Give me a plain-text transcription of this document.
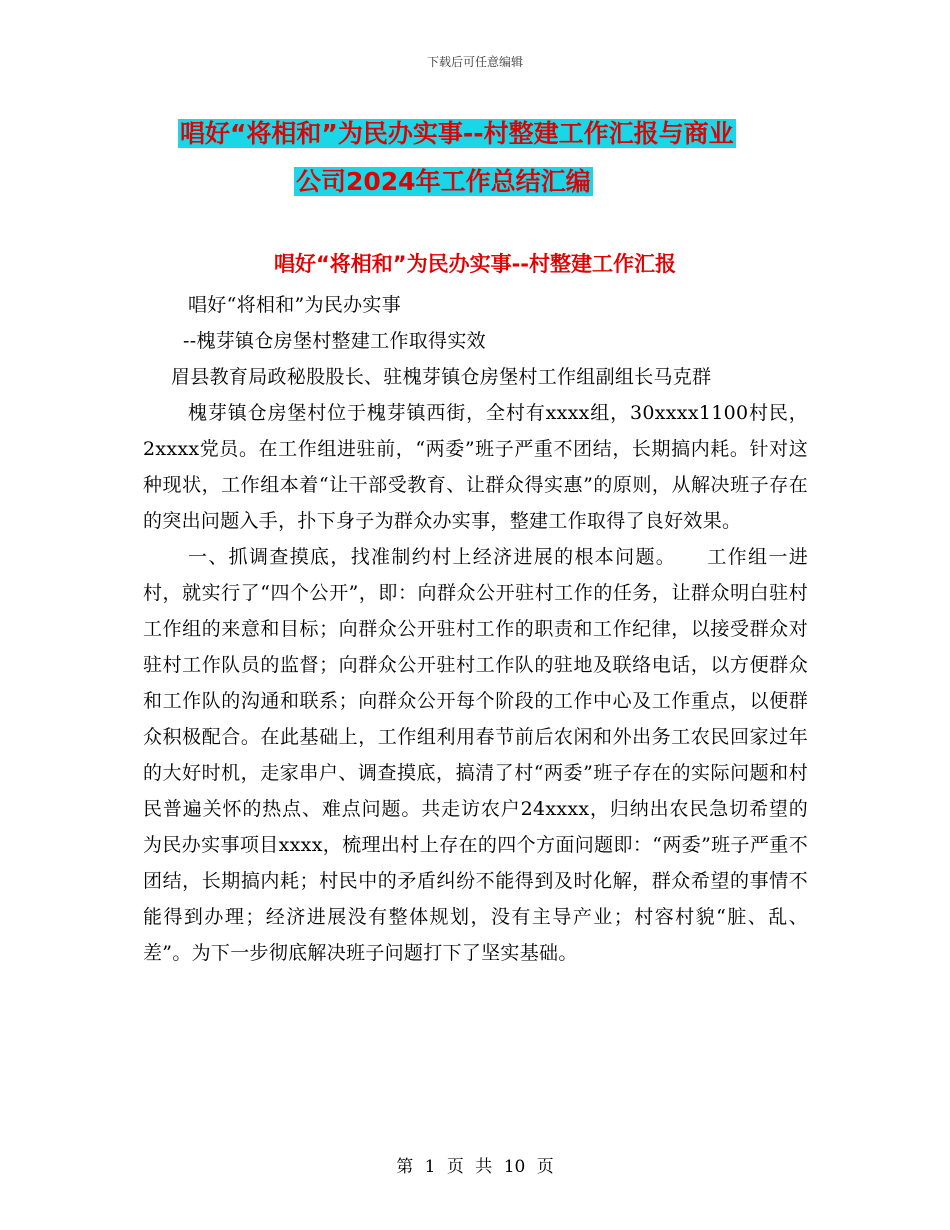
下载后可任意编辑
唱好“将相和”为民办实事--村整建工作汇报与商业
公司2024年工作总结汇编
唱好“将相和”为民办实事--村整建工作汇报

唱好“将相和”为民办实事

--槐芽镇仓房堡村整建工作取得实效

眉县教育局政秘股股长、驻槐芽镇仓房堡村工作组副组长马克群

槐芽镇仓房堡村位于槐芽镇西街，全村有xxxx组，30xxxx1100村民，2xxxx党员。在工作组进驻前，“两委”班子严重不团结，长期搞内耗。针对这种现状，工作组本着“让干部受教育、让群众得实惠”的原则，从解决班子存在的突出问题入手，扑下身子为群众办实事，整建工作取得了良好效果。

一、抓调查摸底，找准制约村上经济进展的根本问题。　　工作组一进村，就实行了“四个公开”，即：向群众公开驻村工作的任务，让群众明白驻村工作组的来意和目标；向群众公开驻村工作的职责和工作纪律，以接受群众对驻村工作队员的监督；向群众公开驻村工作队的驻地及联络电话，以方便群众和工作队的沟通和联系；向群众公开每个阶段的工作中心及工作重点，以便群众积极配合。在此基础上，工作组利用春节前后农闲和外出务工农民回家过年的大好时机，走家串户、调查摸底，搞清了村“两委”班子存在的实际问题和村民普遍关怀的热点、难点问题。共走访农户24xxxx，归纳出农民急切希望的为民办实事项目xxxx，梳理出村上存在的四个方面问题即：“两委”班子严重不团结，长期搞内耗；村民中的矛盾纠纷不能得到及时化解，群众希望的事情不能得到办理；经济进展没有整体规划，没有主导产业；村容村貌“脏、乱、差”。为下一步彻底解决班子问题打下了坚实基础。

第 1 页 共 10 页
